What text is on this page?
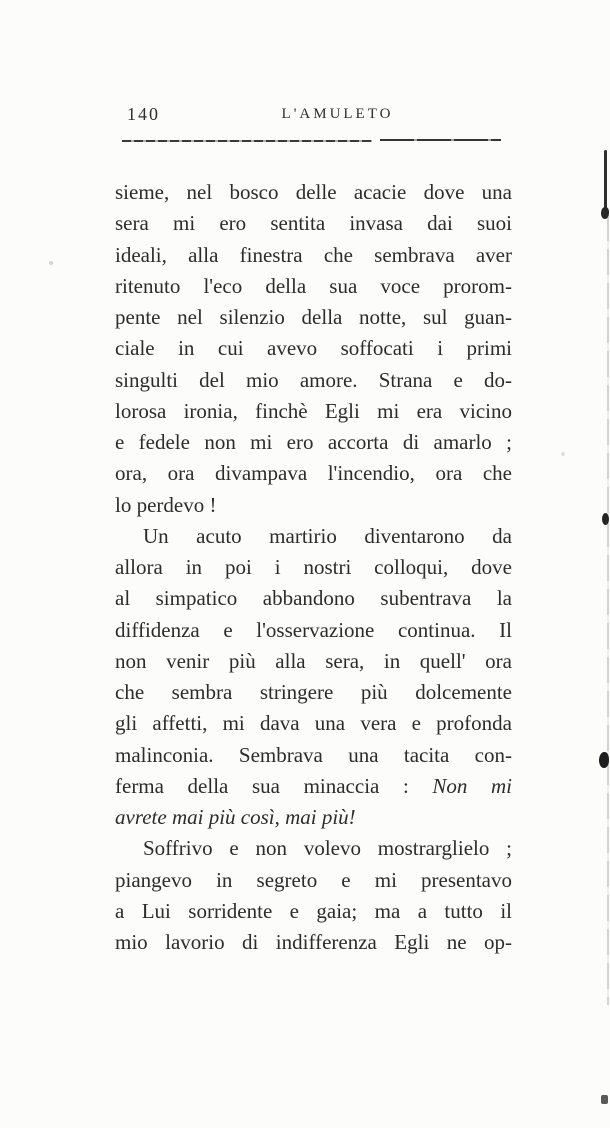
140	L'AMULETO
sieme, nel bosco delle acacie dove una
sera mi ero sentita invasa dai suoi
ideali, alla finestra che sembrava aver
ritenuto l'eco della sua voce prorom-
pente nel silenzio della notte, sul guan-
ciale in cui avevo soffocati i primi
singulti del mio amore. Strana e do-
lorosa ironia, finchè Egli mi era vicino
e fedele non mi ero accorta di amarlo ;
ora, ora divampava l'incendio, ora che
lo perdevo !
Un acuto martirio diventarono da
allora in poi i nostri colloqui, dove
al simpatico abbandono subentrava la
diffidenza e l'osservazione continua. Il
non venir più alla sera, in quell' ora
che sembra stringere più dolcemente
gli affetti, mi dava una vera e profonda
malinconia. Sembrava una tacita con-
ferma della sua minaccia : Non mi
avrete mai più così, mai più!
Soffrivo e non volevo mostrarglielo ;
piangevo in segreto e mi presentavo
a Lui sorridente e gaia; ma a tutto il
mio lavorio di indifferenza Egli ne op-
